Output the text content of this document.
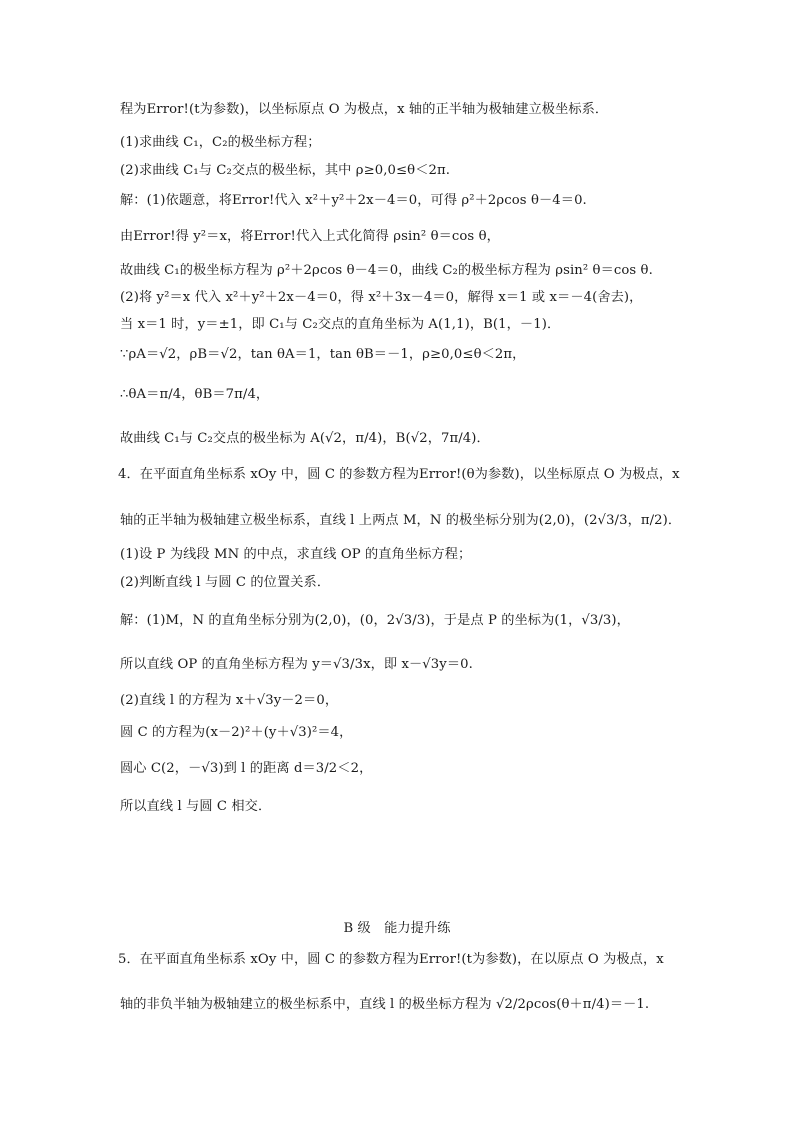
程为Error!(t为参数)，以坐标原点 O 为极点，x 轴的正半轴为极轴建立极坐标系．
(1)求曲线 C₁，C₂的极坐标方程；
(2)求曲线 C₁与 C₂交点的极坐标，其中 ρ≥0,0≤θ＜2π.
解：(1)依题意，将Error!代入 x²＋y²＋2x－4＝0，可得 ρ²＋2ρcos θ－4＝0.
由Error!得 y²＝x，将Error!代入上式化简得 ρsin² θ＝cos θ，
故曲线 C₁的极坐标方程为 ρ²＋2ρcos θ－4＝0，曲线 C₂的极坐标方程为 ρsin² θ＝cos θ.
(2)将 y²＝x 代入 x²＋y²＋2x－4＝0，得 x²＋3x－4＝0，解得 x＝1 或 x＝－4(舍去)，
当 x＝1 时，y＝±1，即 C₁与 C₂交点的直角坐标为 A(1,1)，B(1，－1)．
∵ρA＝√2，ρB＝√2，tan θA＝1，tan θB＝－1，ρ≥0,0≤θ＜2π，
∴θA＝π/4，θB＝7π/4，
故曲线 C₁与 C₂交点的极坐标为 A(√2，π/4)，B(√2，7π/4)．
4．在平面直角坐标系 xOy 中，圆 C 的参数方程为Error!(θ为参数)，以坐标原点 O 为极点，x
轴的正半轴为极轴建立极坐标系，直线 l 上两点 M，N 的极坐标分别为(2,0)，(2√3/3，π/2)．
(1)设 P 为线段 MN 的中点，求直线 OP 的直角坐标方程；
(2)判断直线 l 与圆 C 的位置关系．
解：(1)M，N 的直角坐标分别为(2,0)，(0，2√3/3)，于是点 P 的坐标为(1，√3/3)，
所以直线 OP 的直角坐标方程为 y＝√3/3x，即 x－√3y＝0.
(2)直线 l 的方程为 x＋√3y－2＝0，
圆 C 的方程为(x－2)²＋(y＋√3)²＝4，
圆心 C(2，－√3)到 l 的距离 d＝3/2＜2，
所以直线 l 与圆 C 相交．
B 级　能力提升练
5．在平面直角坐标系 xOy 中，圆 C 的参数方程为Error!(t为参数)，在以原点 O 为极点，x
轴的非负半轴为极轴建立的极坐标系中，直线 l 的极坐标方程为 √2/2ρcos(θ＋π/4)＝－1.
